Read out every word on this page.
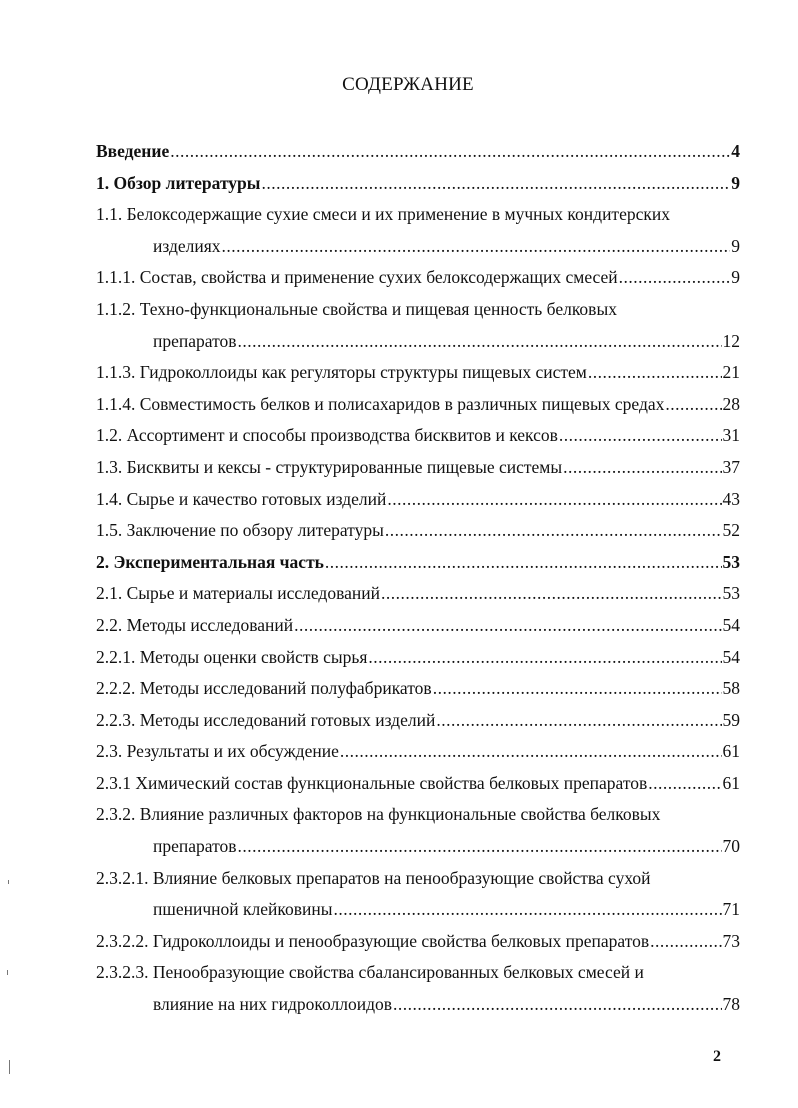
СОДЕРЖАНИЕ
Введение .....	4
1. Обзор литературы .....	9
1.1. Белоксодержащие сухие смеси и их применение в мучных кондитерских
изделиях .....	9
1.1.1. Состав, свойства и применение сухих белоксодержащих смесей .....	9
1.1.2. Техно-функциональные свойства и пищевая ценность белковых
препаратов .....	12
1.1.3. Гидроколлоиды как регуляторы структуры пищевых систем .....	21
1.1.4. Совместимость белков и полисахаридов в различных пищевых средах .....	28
1.2. Ассортимент и способы производства бисквитов и кексов .....	31
1.3. Бисквиты и кексы - структурированные пищевые системы .....	37
1.4. Сырье и качество готовых изделий .....	43
1.5. Заключение по обзору литературы .....	52
2. Экспериментальная часть .....	53
2.1. Сырье и материалы исследований .....	53
2.2. Методы исследований .....	54
2.2.1. Методы оценки свойств сырья .....	54
2.2.2. Методы исследований полуфабрикатов .....	58
2.2.3. Методы исследований готовых изделий .....	59
2.3. Результаты и их обсуждение .....	61
2.3.1 Химический состав функциональные свойства белковых препаратов .....	61
2.3.2. Влияние различных факторов на функциональные свойства белковых
препаратов .....	70
2.3.2.1. Влияние белковых препаратов на пенообразующие свойства сухой
пшеничной клейковины .....	71
2.3.2.2. Гидроколлоиды и пенообразующие свойства белковых препаратов .....	73
2.3.2.3. Пенообразующие свойства сбалансированных белковых смесей и
влияние на них гидроколлоидов .....	78
2
